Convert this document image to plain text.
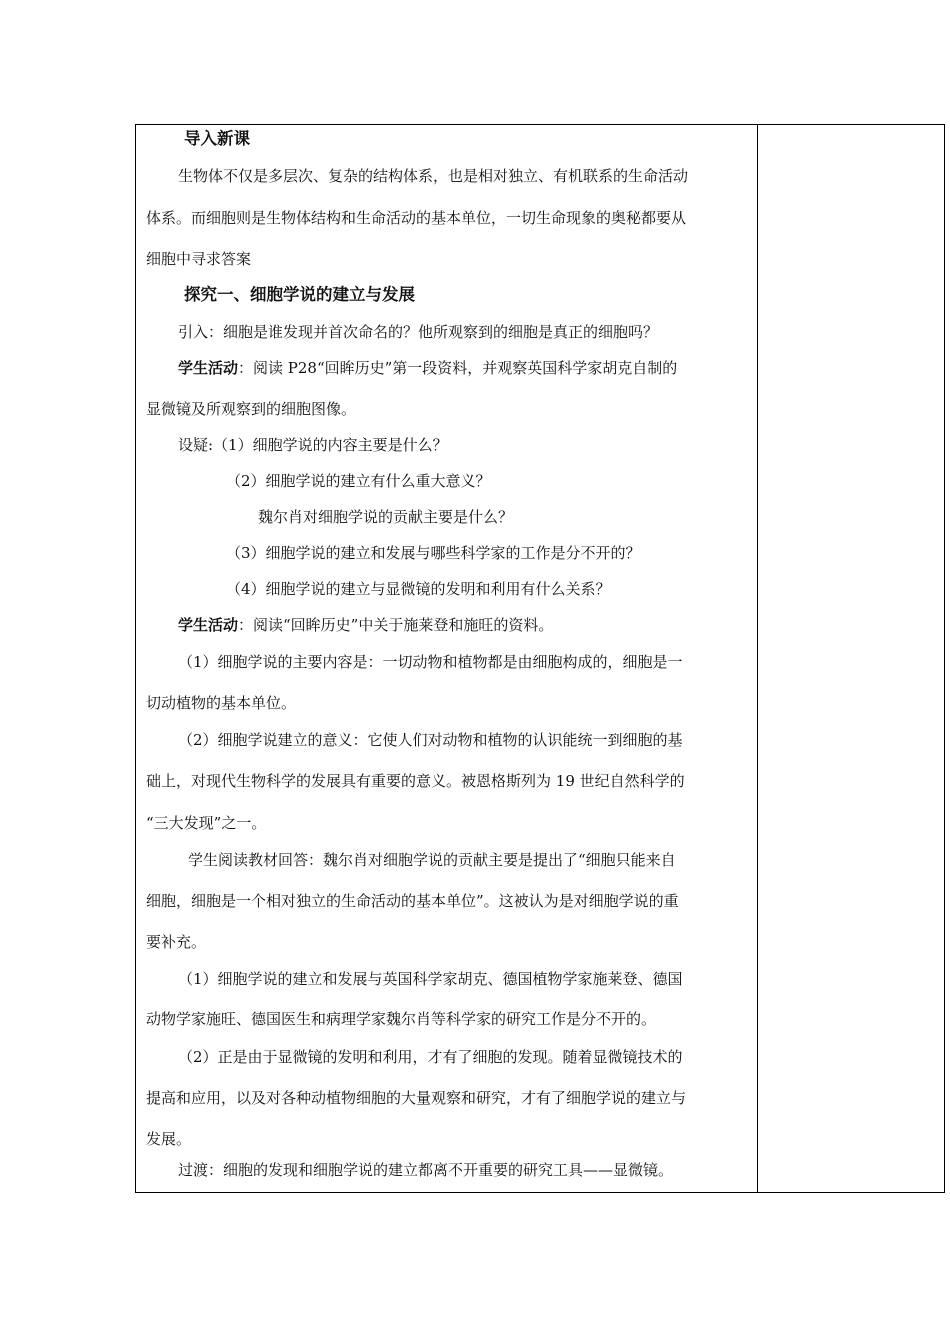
导入新课
生物体不仅是多层次、复杂的结构体系，也是相对独立、有机联系的生命活动
体系。而细胞则是生物体结构和生命活动的基本单位，一切生命现象的奥秘都要从
细胞中寻求答案
探究一、细胞学说的建立与发展
引入：细胞是谁发现并首次命名的？他所观察到的细胞是真正的细胞吗？
学生活动：阅读 P28“回眸历史”第一段资料，并观察英国科学家胡克自制的
显微镜及所观察到的细胞图像。
设疑:（1）细胞学说的内容主要是什么？
（2）细胞学说的建立有什么重大意义？
魏尔肖对细胞学说的贡献主要是什么？
（3）细胞学说的建立和发展与哪些科学家的工作是分不开的？
（4）细胞学说的建立与显微镜的发明和利用有什么关系？
学生活动：阅读“回眸历史”中关于施莱登和施旺的资料。
（1）细胞学说的主要内容是：一切动物和植物都是由细胞构成的，细胞是一
切动植物的基本单位。
（2）细胞学说建立的意义：它使人们对动物和植物的认识能统一到细胞的基
础上，对现代生物科学的发展具有重要的意义。被恩格斯列为 19 世纪自然科学的
“三大发现”之一。
学生阅读教材回答：魏尔肖对细胞学说的贡献主要是提出了“细胞只能来自
细胞，细胞是一个相对独立的生命活动的基本单位”。这被认为是对细胞学说的重
要补充。
（1）细胞学说的建立和发展与英国科学家胡克、德国植物学家施莱登、德国
动物学家施旺、德国医生和病理学家魏尔肖等科学家的研究工作是分不开的。
（2）正是由于显微镜的发明和利用，才有了细胞的发现。随着显微镜技术的
提高和应用，以及对各种动植物细胞的大量观察和研究，才有了细胞学说的建立与
发展。
过渡：细胞的发现和细胞学说的建立都离不开重要的研究工具——显微镜。
